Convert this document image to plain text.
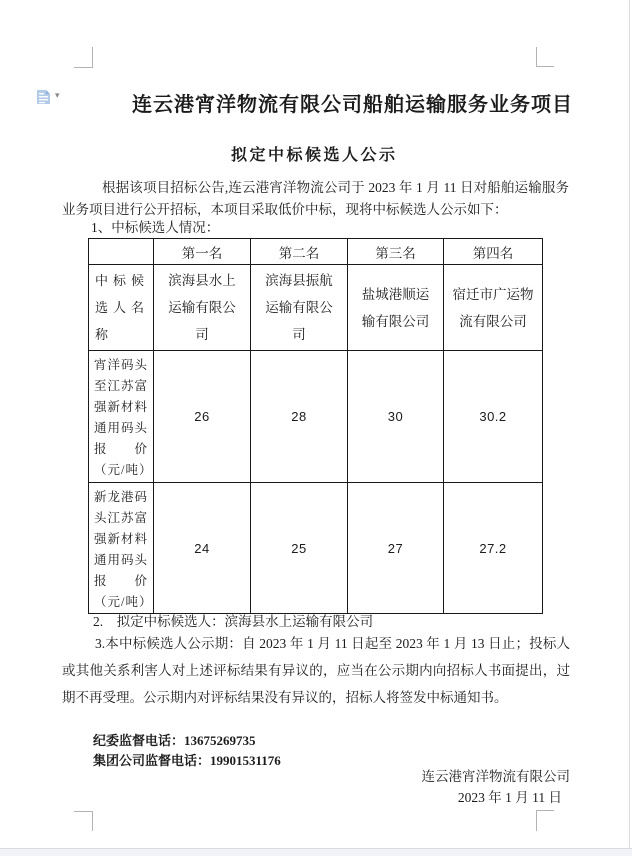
▾	连云港宵洋物流有限公司船舶运输服务业务项目
拟定中标候选人公示
根据该项目招标公告,连云港宵洋物流公司于 2023 年 1 月 11 日对船舶运输服务业务项目进行公开招标，本项目采取低价中标，现将中标候选人公示如下：
1、中标候选人情况：
	第一名	第二名	第三名	第四名
中标候选人名称	滨海县水上运输有限公司	滨海县振航运输有限公司	盐城港顺运输有限公司	宿迁市广运物流有限公司
宵洋码头至江苏富强新材料通用码头报价（元/吨）	26	28	30	30.2
新龙港码头江苏富强新材料通用码头报价（元/吨）	24	25	27	27.2
2.　拟定中标候选人：滨海县水上运输有限公司
3.本中标候选人公示期：自 2023 年 1 月 11 日起至 2023 年 1 月 13 日止；投标人或其他关系利害人对上述评标结果有异议的，应当在公示期内向招标人书面提出，过期不再受理。公示期内对评标结果没有异议的，招标人将签发中标通知书。
纪委监督电话：13675269735
集团公司监督电话：19901531176
连云港宵洋物流有限公司
2023 年 1 月 11 日
